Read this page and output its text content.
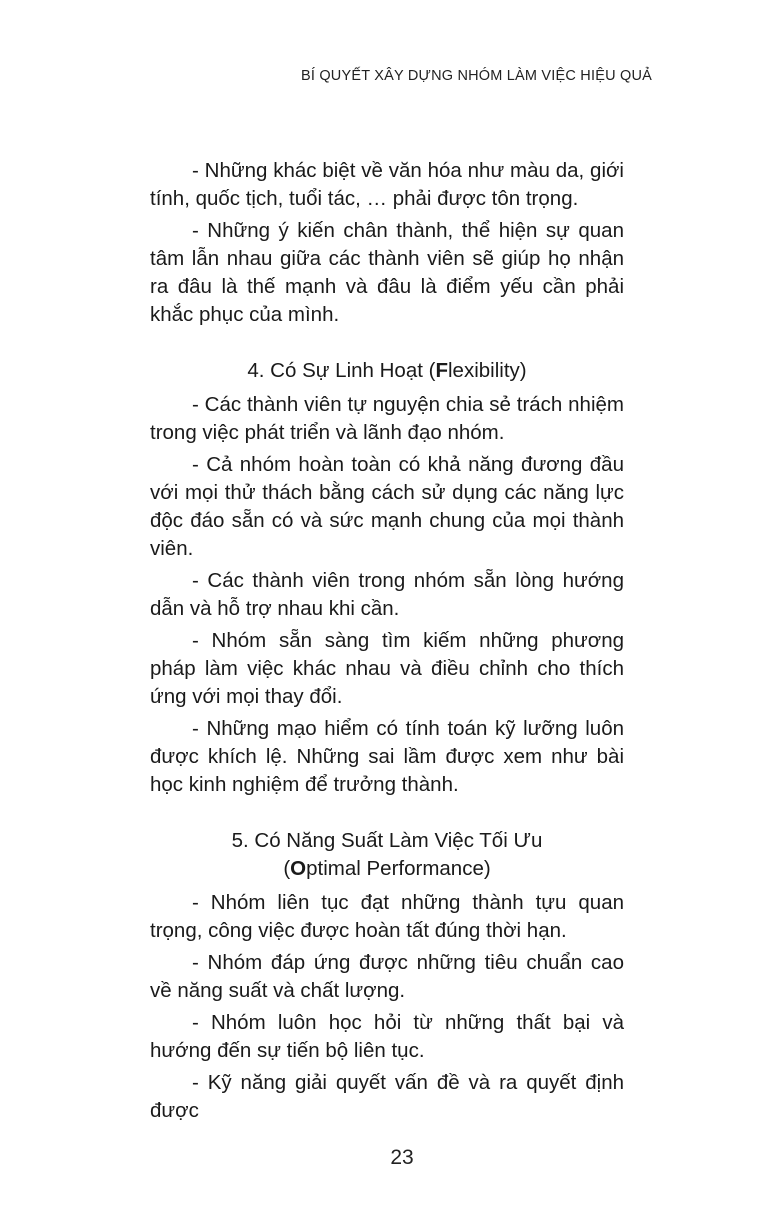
BÍ QUYẾT XÂY DỰNG NHÓM LÀM VIỆC HIỆU QUẢ

- Những khác biệt về văn hóa như màu da, giới tính, quốc tịch, tuổi tác, … phải được tôn trọng.

- Những ý kiến chân thành, thể hiện sự quan tâm lẫn nhau giữa các thành viên sẽ giúp họ nhận ra đâu là thế mạnh và đâu là điểm yếu cần phải khắc phục của mình.

4. Có Sự Linh Hoạt (Flexibility)

- Các thành viên tự nguyện chia sẻ trách nhiệm trong việc phát triển và lãnh đạo nhóm.

- Cả nhóm hoàn toàn có khả năng đương đầu với mọi thử thách bằng cách sử dụng các năng lực độc đáo sẵn có và sức mạnh chung của mọi thành viên.

- Các thành viên trong nhóm sẵn lòng hướng dẫn và hỗ trợ nhau khi cần.

- Nhóm sẵn sàng tìm kiếm những phương pháp làm việc khác nhau và điều chỉnh cho thích ứng với mọi thay đổi.

- Những mạo hiểm có tính toán kỹ lưỡng luôn được khích lệ. Những sai lầm được xem như bài học kinh nghiệm để trưởng thành.

5. Có Năng Suất Làm Việc Tối Ưu

(Optimal Performance)

- Nhóm liên tục đạt những thành tựu quan trọng, công việc được hoàn tất đúng thời hạn.

- Nhóm đáp ứng được những tiêu chuẩn cao về năng suất và chất lượng.

- Nhóm luôn học hỏi từ những thất bại và hướng đến sự tiến bộ liên tục.

- Kỹ năng giải quyết vấn đề và ra quyết định được

23
